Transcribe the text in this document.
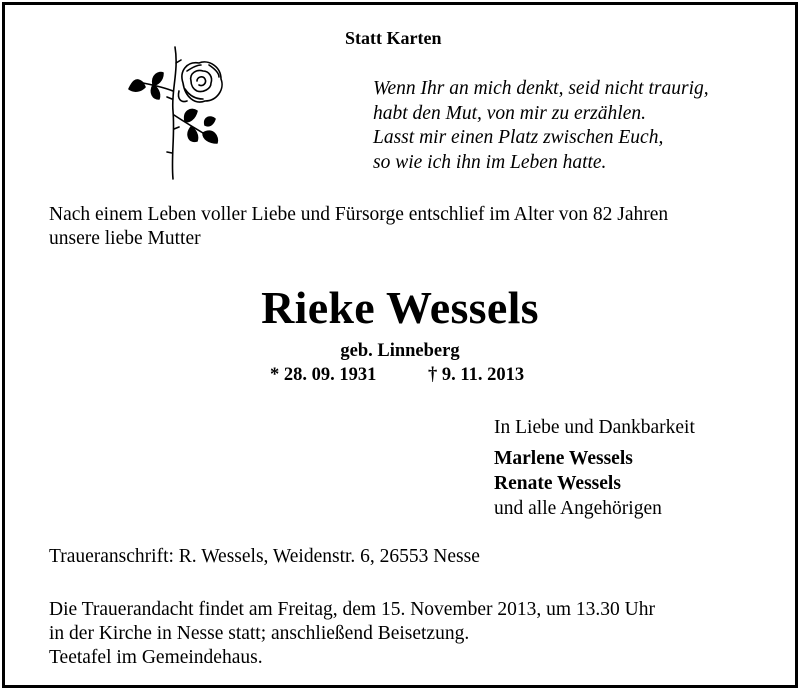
Statt Karten
Wenn Ihr an mich denkt, seid nicht traurig,
habt den Mut, von mir zu erzählen.
Lasst mir einen Platz zwischen Euch,
so wie ich ihn im Leben hatte.
Nach einem Leben voller Liebe und Fürsorge entschlief im Alter von 82 Jahren
unsere liebe Mutter
Rieke Wessels
geb. Linneberg
* 28. 09. 1931	† 9. 11. 2013
In Liebe und Dankbarkeit
Marlene Wessels
Renate Wessels
und alle Angehörigen
Traueranschrift: R. Wessels, Weidenstr. 6, 26553 Nesse
Die Trauerandacht findet am Freitag, dem 15. November 2013, um 13.30 Uhr
in der Kirche in Nesse statt; anschließend Beisetzung.
Teetafel im Gemeindehaus.
